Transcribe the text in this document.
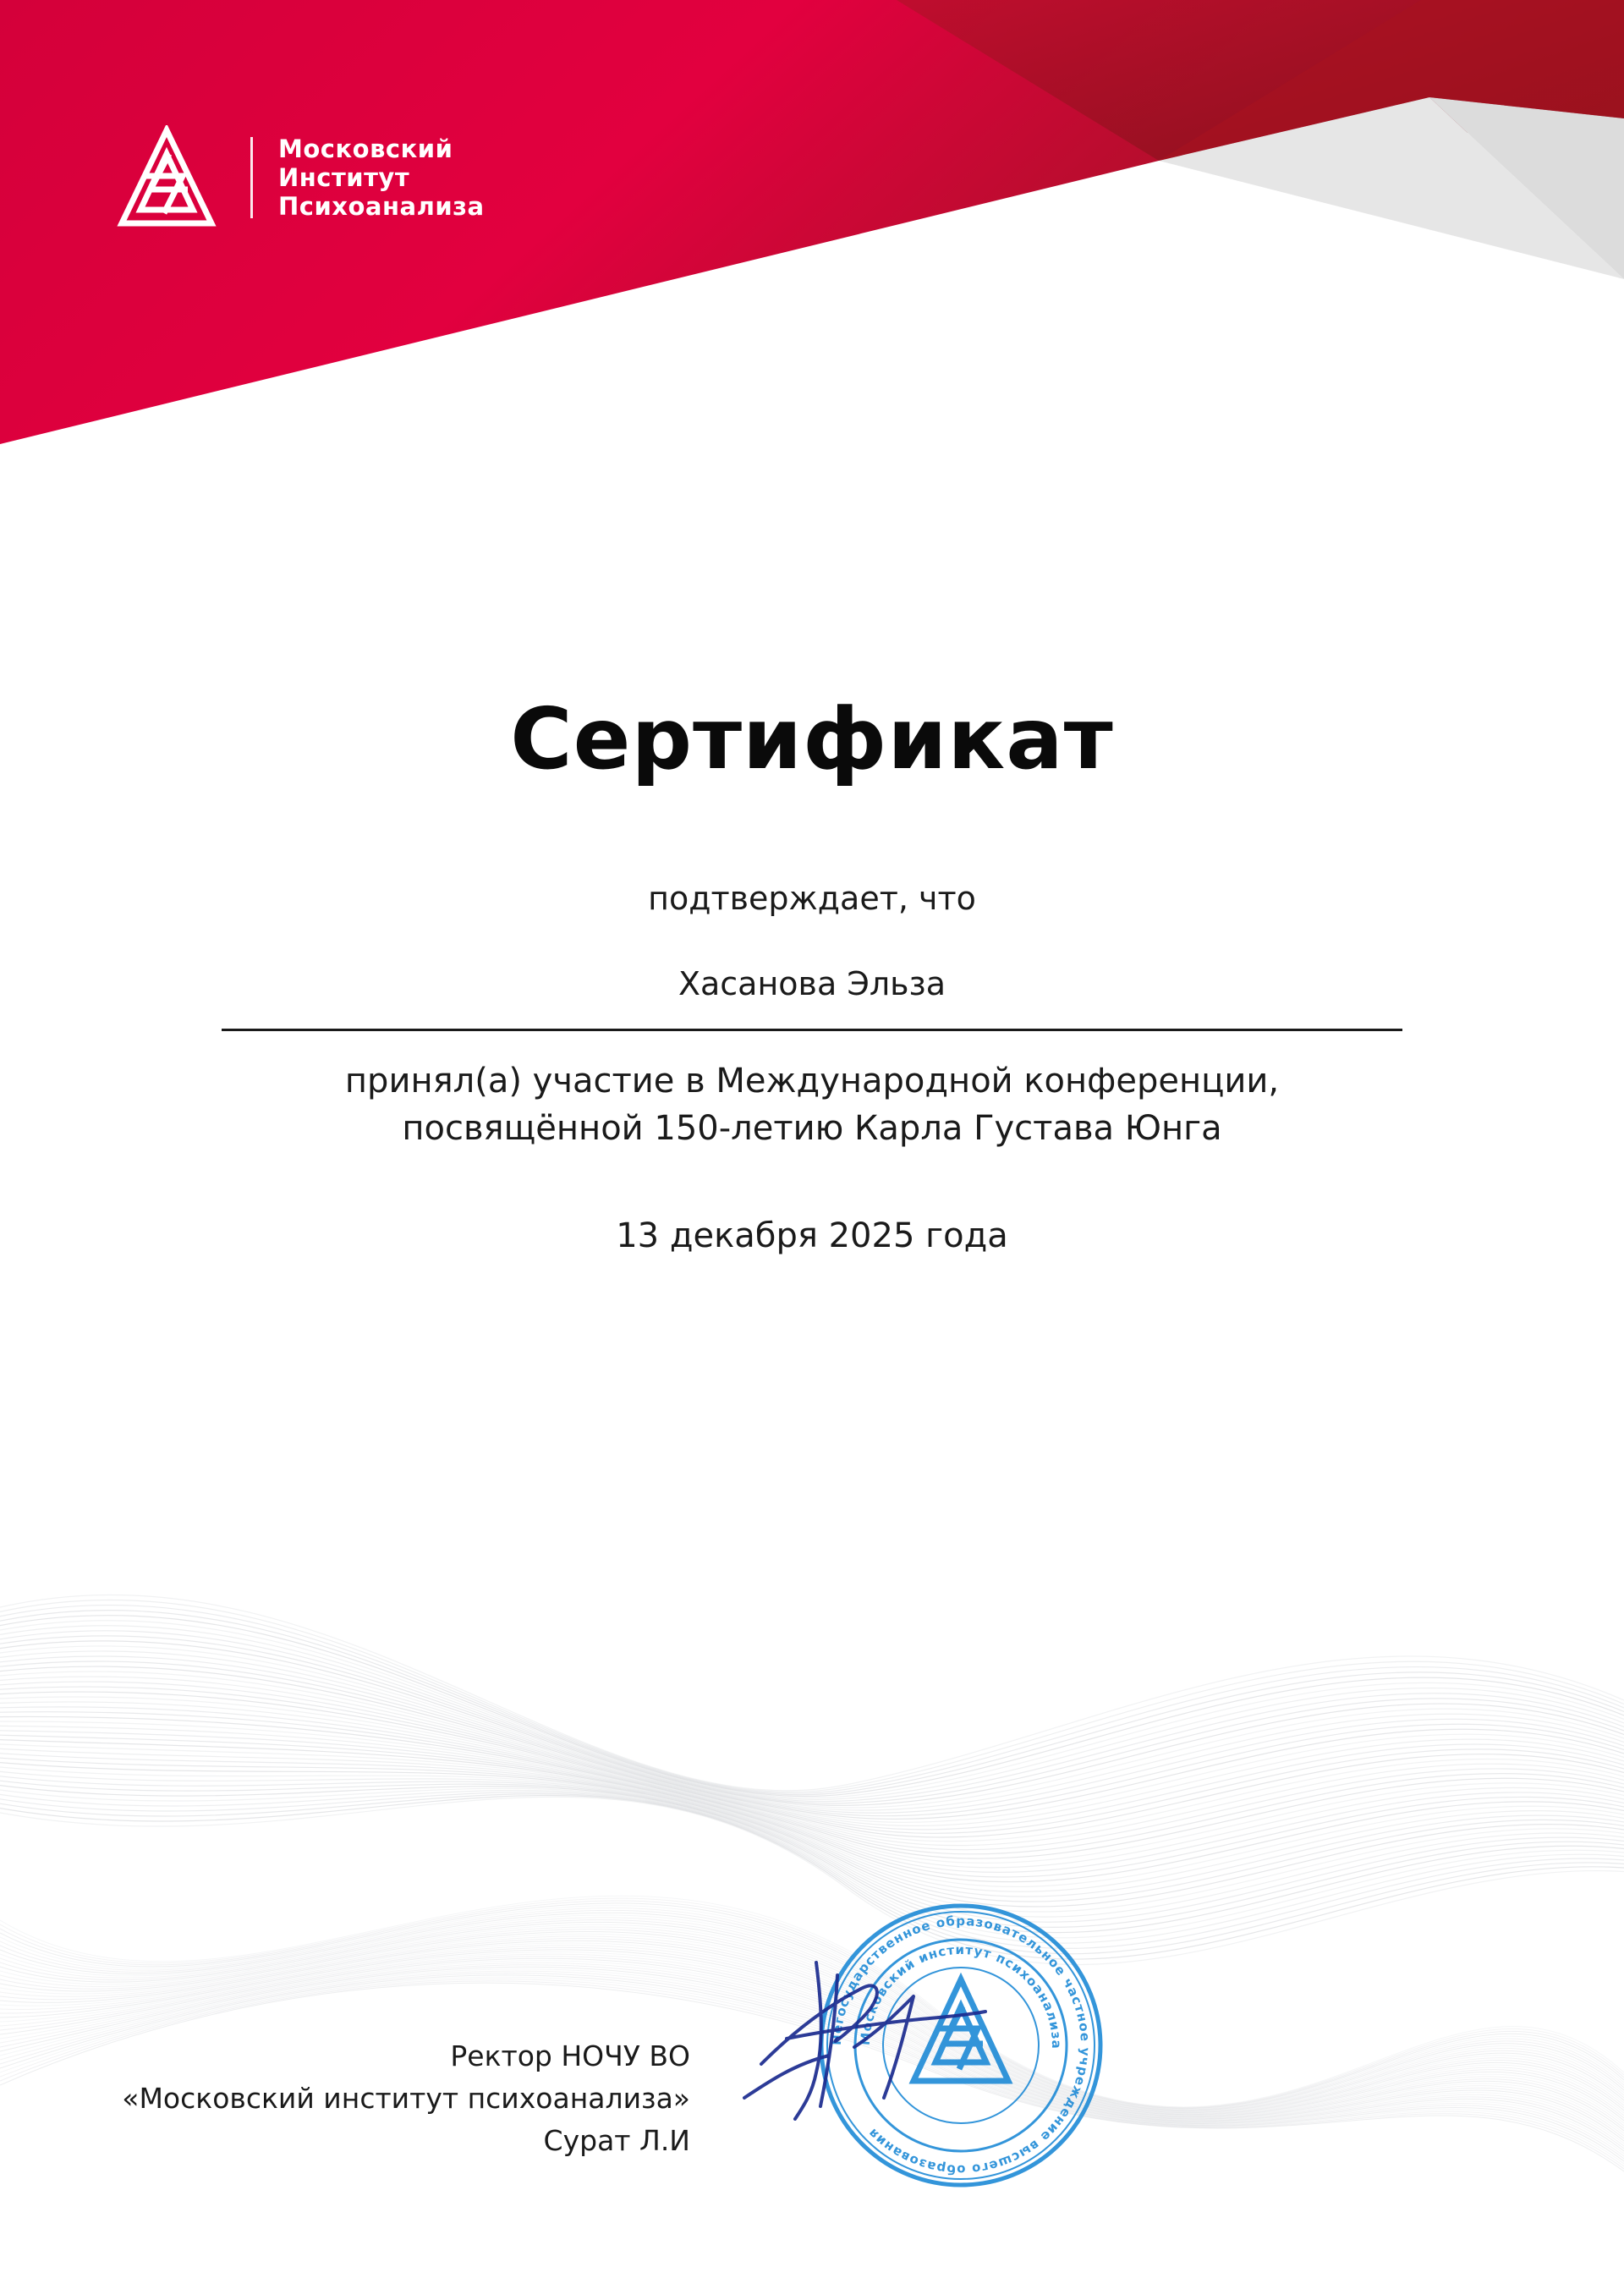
Московский
Институт
Психоанализа
Сертификат
подтверждает, что
Хасанова Эльза
принял(а) участие в Международной конференции,
посвящённой 150-летию Карла Густава Юнга
13 декабря 2025 года
Ректор НОЧУ ВО
«Московский институт психоанализа»
Сурат Л.И
Негосударственное образовательное частное учреждение высшего образования
Московский институт психоанализа
